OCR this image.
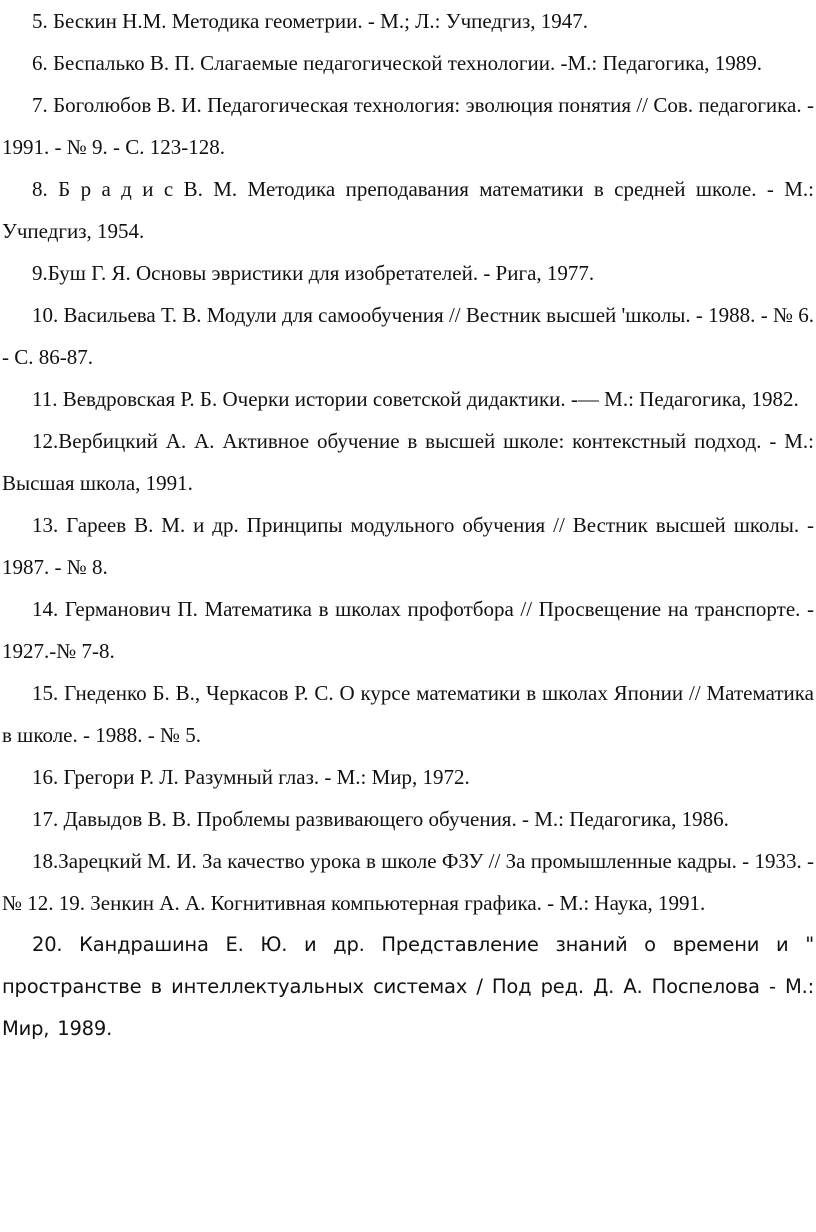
5. Бескин Н.М. Методика геометрии. - М.; Л.: Учпедгиз, 1947.

6. Беспалько В. П. Слагаемые педагогической технологии. -М.: Педагогика, 1989.

7. Боголюбов В. И. Педагогическая технология: эволюция понятия // Сов. педагогика. - 1991. - № 9. - С. 123-128.

8. Б р а д и с В. М. Методика преподавания математики в средней школе. - М.: Учпедгиз, 1954.

9.Буш Г. Я. Основы эвристики для изобретателей. - Рига, 1977.

10. Васильева Т. В. Модули для самообучения // Вестник высшей 'школы. - 1988. - № 6. - С. 86-87.

11. Вевдровская Р. Б. Очерки истории советской дидактики. -— М.: Педагогика, 1982.

12.Вербицкий А. А. Активное обучение в высшей школе: контекстный подход. - М.: Высшая школа, 1991.

13. Гареев В. М. и др. Принципы модульного обучения // Вестник высшей школы. - 1987. - № 8.

14. Германович П. Математика в школах профотбора // Просвещение на транспорте. - 1927.-№ 7-8.

15. Гнеденко Б. В., Черкасов Р. С. О курсе математики в школах Японии // Математика в школе. - 1988. - № 5.

16. Грегори Р. Л. Разумный глаз. - М.: Мир, 1972.

17. Давыдов В. В. Проблемы развивающего обучения. - М.: Педагогика, 1986.

18.Зарецкий М. И. За качество урока в школе ФЗУ // За промышленные кадры. - 1933. - № 12. 19. Зенкин А. А. Когнитивная компьютерная графика. - М.: Наука, 1991.

20. Кандрашина Е. Ю. и др. Представление знаний о времени и " пространстве в интеллектуальных системах / Под ред. Д. А. Поспелова - М.: Мир, 1989.
